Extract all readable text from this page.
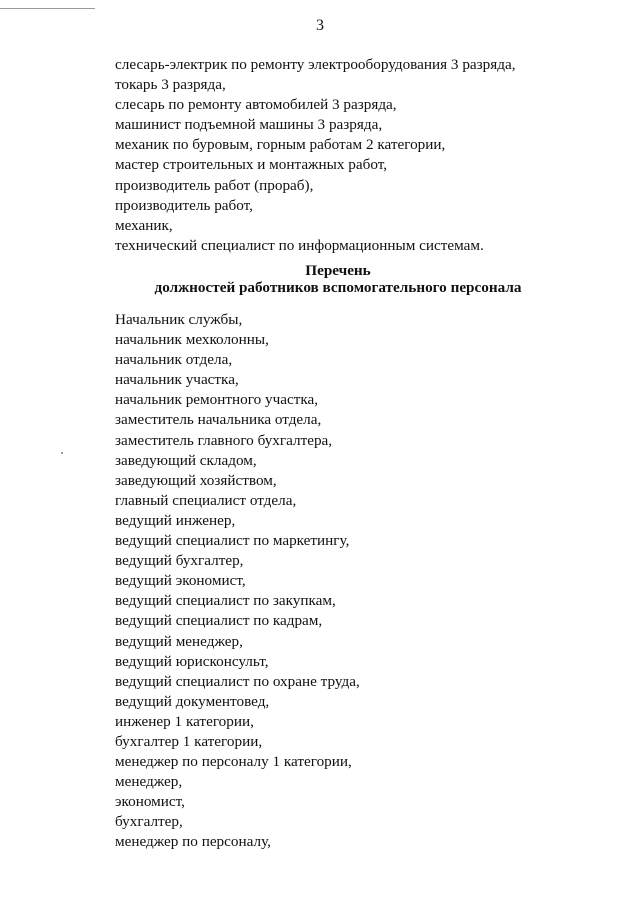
3
слесарь-электрик по ремонту электрооборудования 3 разряда,
токарь 3 разряда,
слесарь по ремонту автомобилей 3 разряда,
машинист подъемной машины 3 разряда,
механик по буровым, горным работам 2 категории,
мастер строительных и монтажных работ,
производитель работ (прораб),
производитель работ,
механик,
технический специалист по информационным системам.
Перечень
должностей работников вспомогательного персонала
Начальник службы,
начальник мехколонны,
начальник отдела,
начальник участка,
начальник ремонтного участка,
заместитель начальника отдела,
заместитель главного бухгалтера,
заведующий складом,
заведующий хозяйством,
главный специалист отдела,
ведущий инженер,
ведущий специалист по маркетингу,
ведущий бухгалтер,
ведущий экономист,
ведущий специалист по закупкам,
ведущий специалист по кадрам,
ведущий менеджер,
ведущий юрисконсульт,
ведущий специалист по охране труда,
ведущий документовед,
инженер 1 категории,
бухгалтер 1 категории,
менеджер по персоналу 1 категории,
менеджер,
экономист,
бухгалтер,
менеджер по персоналу,
